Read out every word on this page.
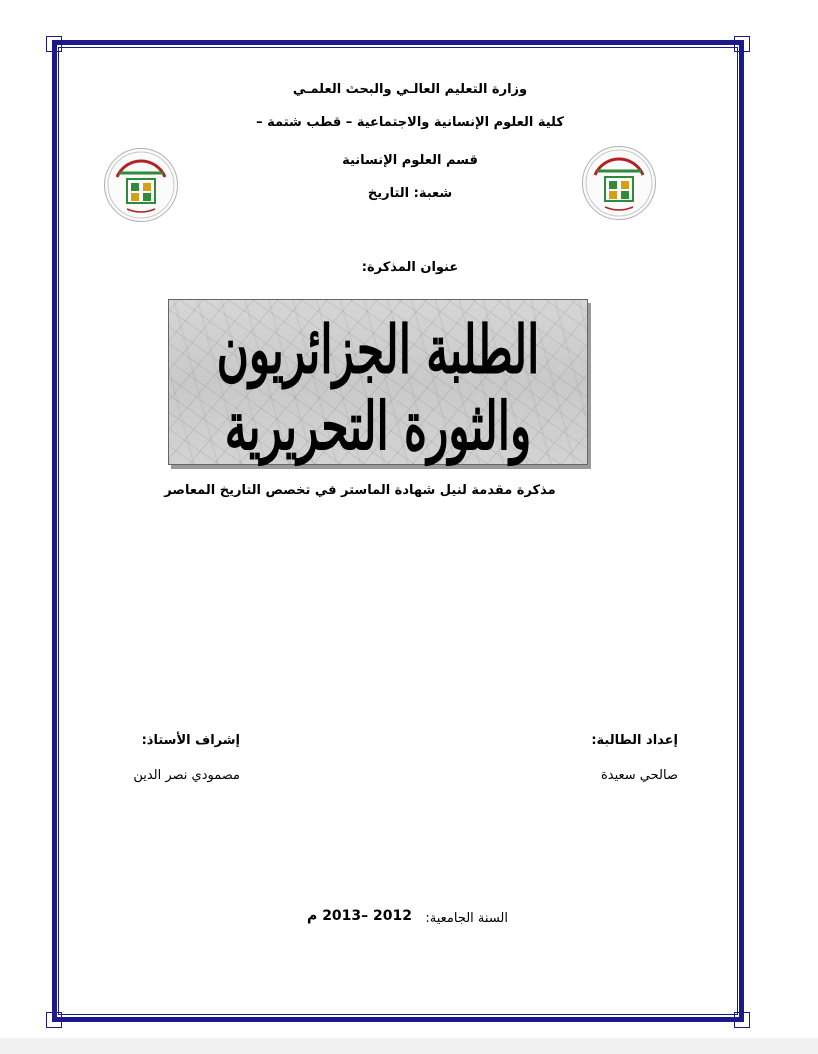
وزارة التعليم العالـي والبحث العلمـي
كلية العلوم الإنسانية والاجتماعية – قطب شتمة –
قسم العلوم الإنسانية
شعبة: التاريخ
عنوان المذكرة:
الطلبة الجزائريون والثورة التحريرية
مذكرة مقدمة لنيل شهادة الماستر في تخصص التاريخ المعاصر
إعداد الطالبة:
صالحي سعيدة
إشراف الأستاذ:
مصمودي نصر الدين
السنة الجامعية:
2012 –2013 م
